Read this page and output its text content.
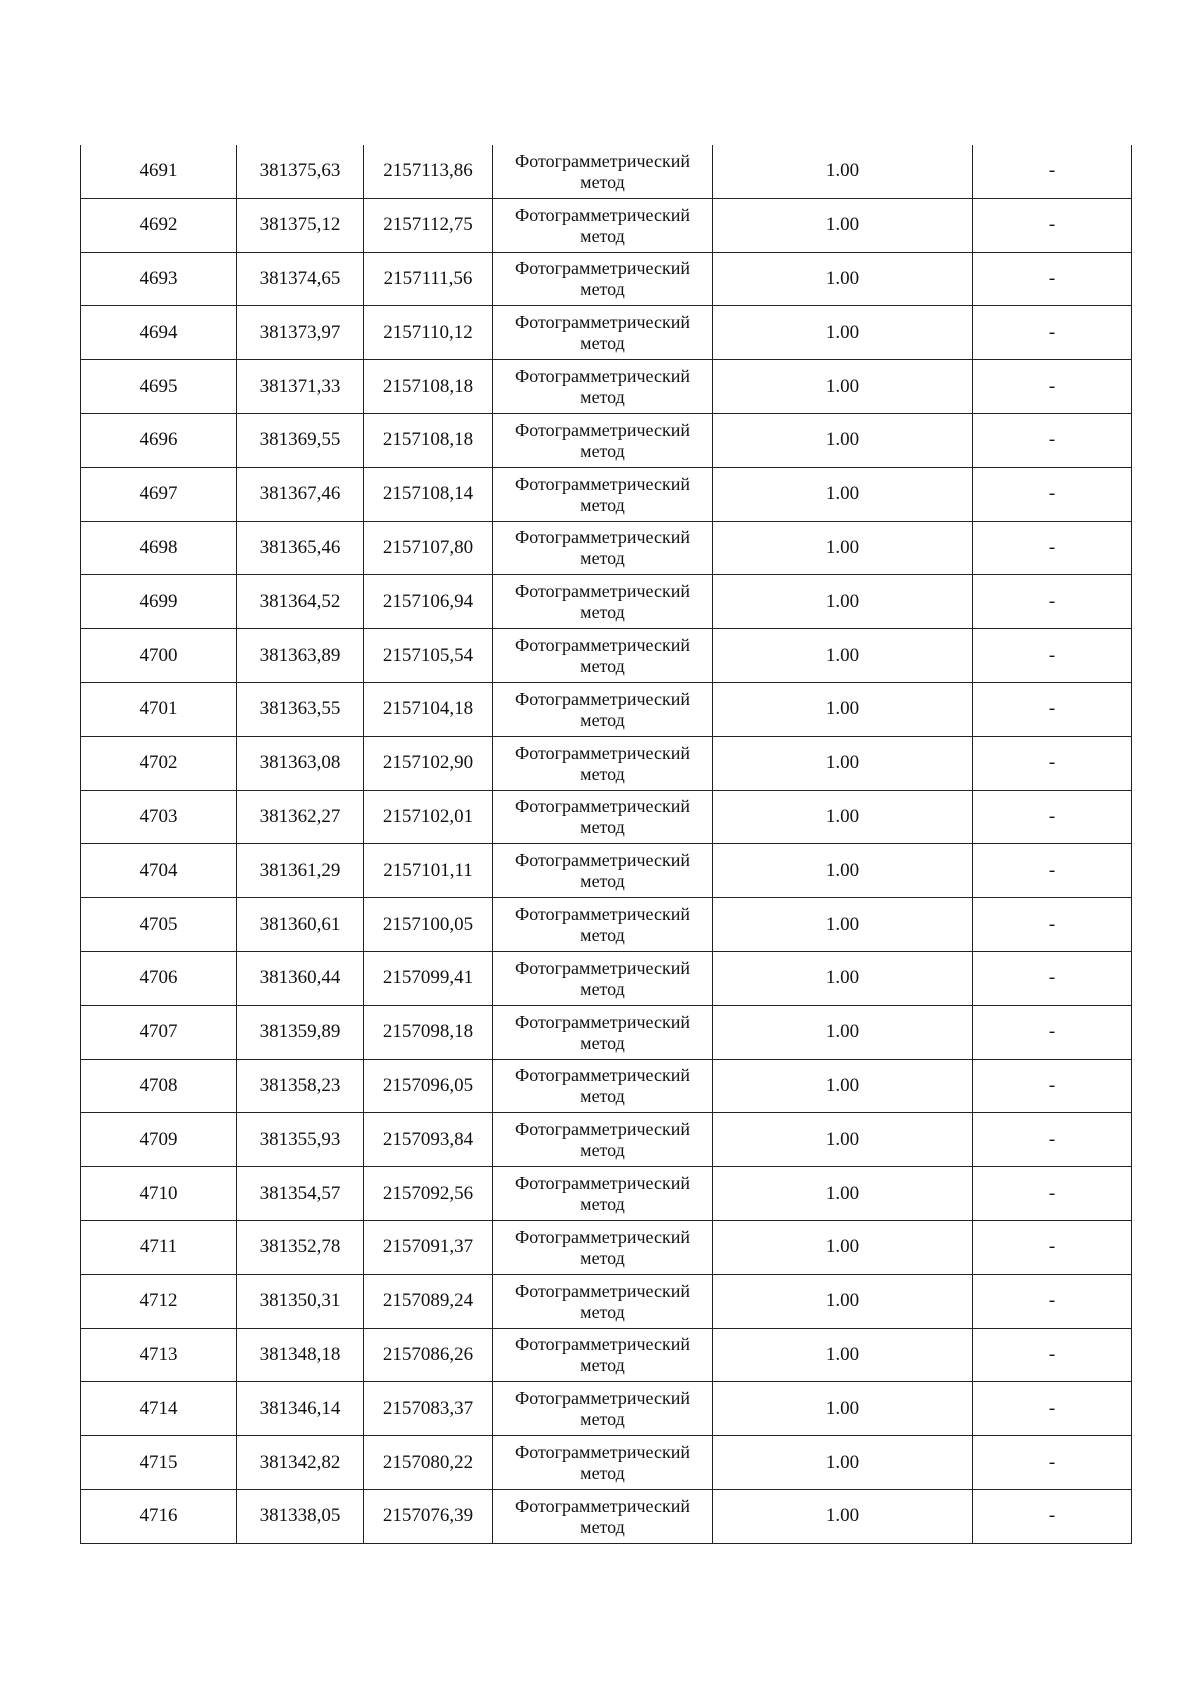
4691	381375,63	2157113,86	Фотограмметрический метод	1.00	-
4692	381375,12	2157112,75	Фотограмметрический метод	1.00	-
4693	381374,65	2157111,56	Фотограмметрический метод	1.00	-
4694	381373,97	2157110,12	Фотограмметрический метод	1.00	-
4695	381371,33	2157108,18	Фотограмметрический метод	1.00	-
4696	381369,55	2157108,18	Фотограмметрический метод	1.00	-
4697	381367,46	2157108,14	Фотограмметрический метод	1.00	-
4698	381365,46	2157107,80	Фотограмметрический метод	1.00	-
4699	381364,52	2157106,94	Фотограмметрический метод	1.00	-
4700	381363,89	2157105,54	Фотограмметрический метод	1.00	-
4701	381363,55	2157104,18	Фотограмметрический метод	1.00	-
4702	381363,08	2157102,90	Фотограмметрический метод	1.00	-
4703	381362,27	2157102,01	Фотограмметрический метод	1.00	-
4704	381361,29	2157101,11	Фотограмметрический метод	1.00	-
4705	381360,61	2157100,05	Фотограмметрический метод	1.00	-
4706	381360,44	2157099,41	Фотограмметрический метод	1.00	-
4707	381359,89	2157098,18	Фотограмметрический метод	1.00	-
4708	381358,23	2157096,05	Фотограмметрический метод	1.00	-
4709	381355,93	2157093,84	Фотограмметрический метод	1.00	-
4710	381354,57	2157092,56	Фотограмметрический метод	1.00	-
4711	381352,78	2157091,37	Фотограмметрический метод	1.00	-
4712	381350,31	2157089,24	Фотограмметрический метод	1.00	-
4713	381348,18	2157086,26	Фотограмметрический метод	1.00	-
4714	381346,14	2157083,37	Фотограмметрический метод	1.00	-
4715	381342,82	2157080,22	Фотограмметрический метод	1.00	-
4716	381338,05	2157076,39	Фотограмметрический метод	1.00	-
